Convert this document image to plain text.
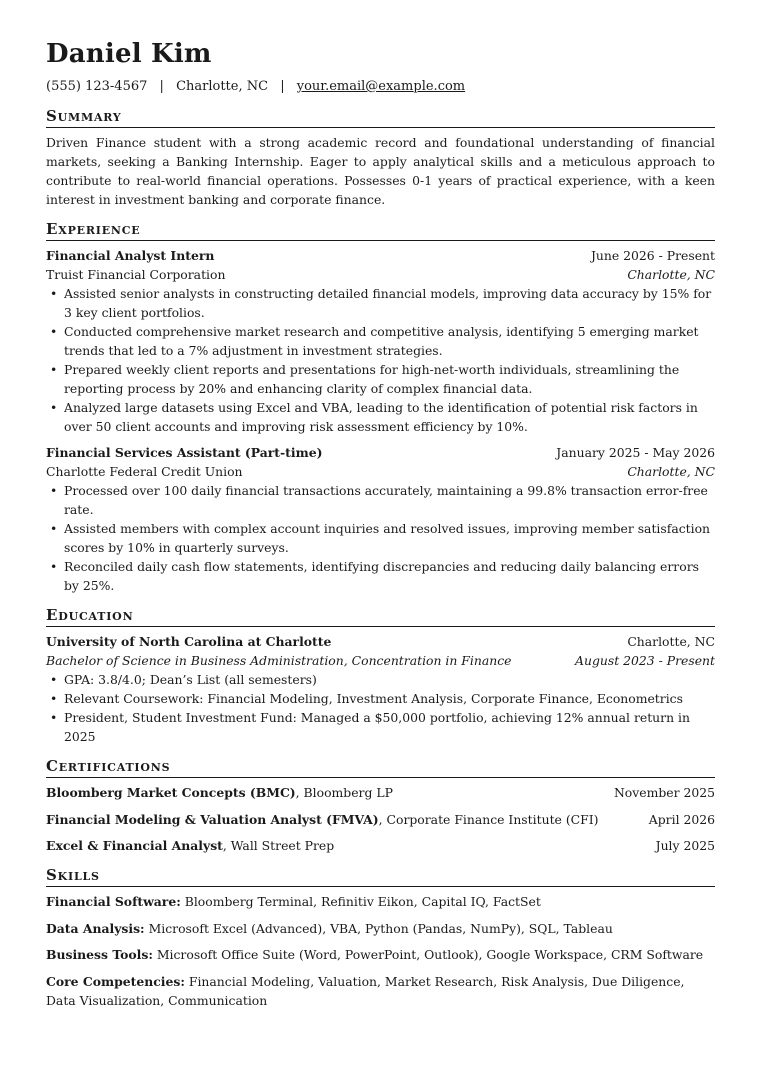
Daniel Kim
(555) 123-4567 | Charlotte, NC | your.email@example.com
Summary
Driven Finance student with a strong academic record and foundational understanding of financial markets, seeking a Banking Internship. Eager to apply analytical skills and a meticulous approach to contribute to real-world financial operations. Possesses 0-1 years of practical experience, with a keen interest in investment banking and corporate finance.
Experience
Financial Analyst Intern	June 2026 - Present
Truist Financial Corporation	Charlotte, NC
• Assisted senior analysts in constructing detailed financial models, improving data accuracy by 15% for 3 key client portfolios.
• Conducted comprehensive market research and competitive analysis, identifying 5 emerging market trends that led to a 7% adjustment in investment strategies.
• Prepared weekly client reports and presentations for high-net-worth individuals, streamlining the reporting process by 20% and enhancing clarity of complex financial data.
• Analyzed large datasets using Excel and VBA, leading to the identification of potential risk factors in over 50 client accounts and improving risk assessment efficiency by 10%.
Financial Services Assistant (Part-time)	January 2025 - May 2026
Charlotte Federal Credit Union	Charlotte, NC
• Processed over 100 daily financial transactions accurately, maintaining a 99.8% transaction error-free rate.
• Assisted members with complex account inquiries and resolved issues, improving member satisfaction scores by 10% in quarterly surveys.
• Reconciled daily cash flow statements, identifying discrepancies and reducing daily balancing errors by 25%.
Education
University of North Carolina at Charlotte	Charlotte, NC
Bachelor of Science in Business Administration, Concentration in Finance	August 2023 - Present
• GPA: 3.8/4.0; Dean’s List (all semesters)
• Relevant Coursework: Financial Modeling, Investment Analysis, Corporate Finance, Econometrics
• President, Student Investment Fund: Managed a $50,000 portfolio, achieving 12% annual return in 2025
Certifications
Bloomberg Market Concepts (BMC), Bloomberg LP	November 2025
Financial Modeling & Valuation Analyst (FMVA), Corporate Finance Institute (CFI)	April 2026
Excel & Financial Analyst, Wall Street Prep	July 2025
Skills
Financial Software: Bloomberg Terminal, Refinitiv Eikon, Capital IQ, FactSet
Data Analysis: Microsoft Excel (Advanced), VBA, Python (Pandas, NumPy), SQL, Tableau
Business Tools: Microsoft Office Suite (Word, PowerPoint, Outlook), Google Workspace, CRM Software
Core Competencies: Financial Modeling, Valuation, Market Research, Risk Analysis, Due Diligence, Data Visualization, Communication
